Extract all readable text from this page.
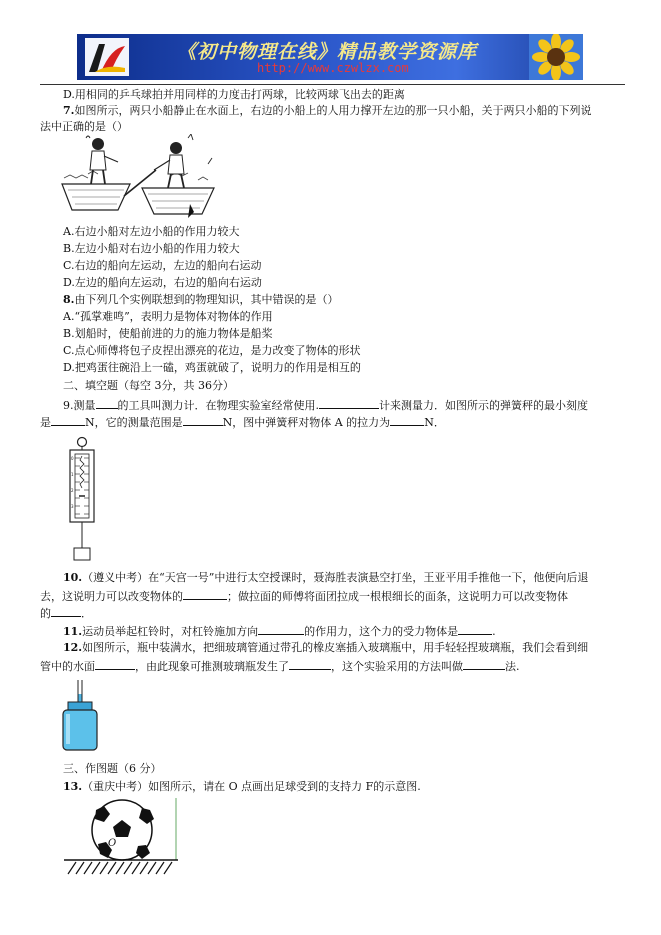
《初中物理在线》精品教学资源库
http://www.czwlzx.com
D.用相同的乒乓球拍并用同样的力度击打两球，比较两球飞出去的距离
7.如图所示，两只小船静止在水面上，右边的小船上的人用力撑开左边的那一只小船，关于两只小船的下列说
法中正确的是（）
A.右边小船对左边小船的作用力较大
B.左边小船对右边小船的作用力较大
C.右边的船向左运动，左边的船向右运动
D.左边的船向左运动，右边的船向右运动
8.由下列几个实例联想到的物理知识，其中错误的是（）
A.“孤掌难鸣”，表明力是物体对物体的作用
B.划船时，使船前进的力的施力物体是船桨
C.点心师傅将包子皮捏出漂亮的花边，是力改变了物体的形状
D.把鸡蛋往碗沿上一磕，鸡蛋就破了，说明力的作用是相互的
二、填空题（每空 3分，共 36分）
9.测量 的工具叫测力计．在物理实验室经常使用.	计来测量力．如图所示的弹簧秤的最小刻度
是	N，它的测量范围是	N，图中弹簧秤对物体 A 的拉力为	N．
0
1
2
3
10.（遵义中考）在“天宫一号”中进行太空授课时，聂海胜表演悬空打坐，王亚平用手推他一下，他便向后退
去，这说明力可以改变物体的	；做拉面的师傅将面团拉成一根根细长的面条，这说明力可以改变物体
的	．
11.运动员举起杠铃时，对杠铃施加方向	的作用力，这个力的受力物体是	.
12.如图所示，瓶中装满水，把细玻璃管通过带孔的橡皮塞插入玻璃瓶中，用手轻轻捏玻璃瓶，我们会看到细
管中的水面	，由此现象可推测玻璃瓶发生了	，这个实验采用的方法叫做	法.
三、作图题（6 分）
13.（重庆中考）如图所示，请在 O 点画出足球受到的支持力 F的示意图.
O
